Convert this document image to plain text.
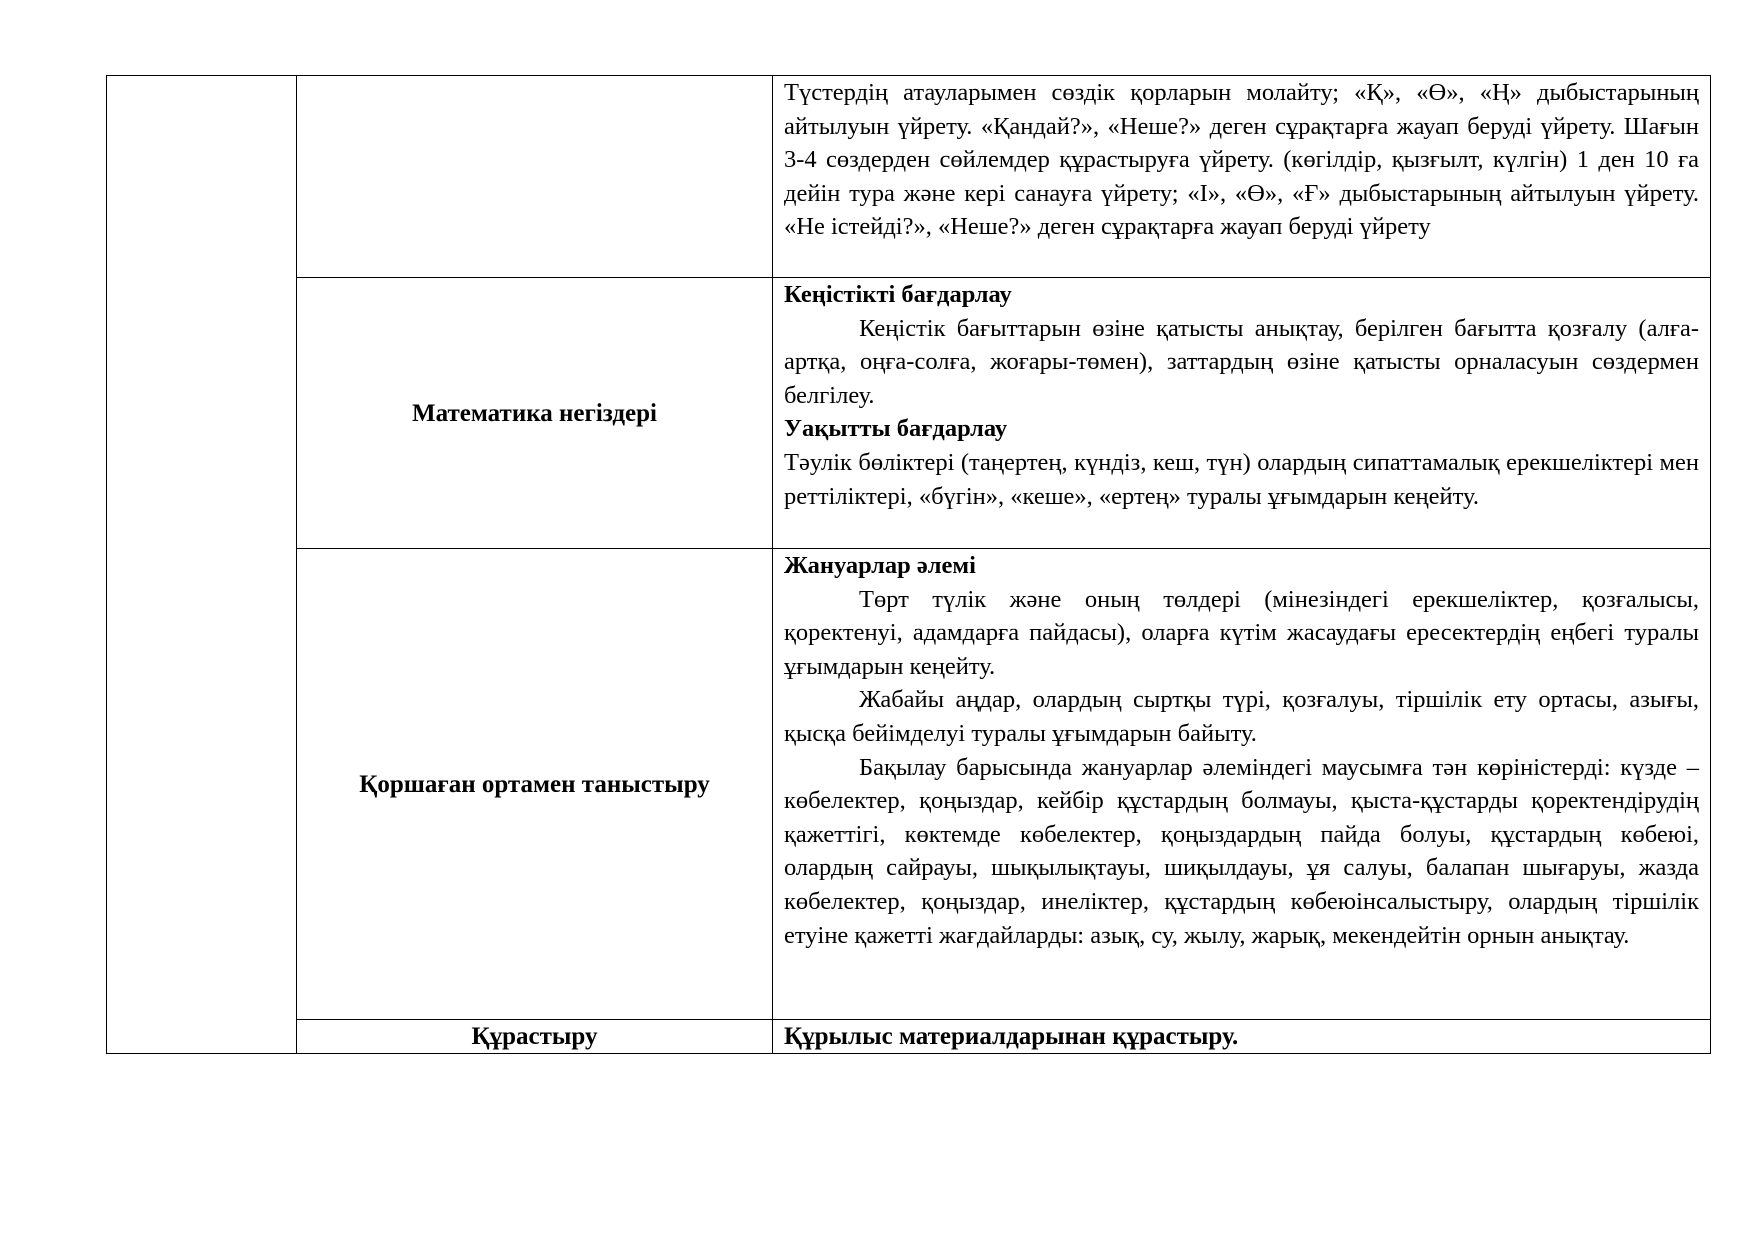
		Түстердің атауларымен сөздік қорларын молайту; «Қ», «Ө», «Ң» дыбыстарының айтылуын үйрету. «Қандай?», «Неше?» деген сұрақтарға жауап беруді үйрету. Шағын 3-4 сөздерден сөйлемдер құрастыруға үйрету. (көгілдір, қызғылт, күлгін) 1 ден 10 ға дейін тура және кері санауға үйрету; «І», «Ө», «Ғ» дыбыстарының айтылуын үйрету. «Не істейді?», «Неше?» деген сұрақтарға жауап беруді үйрету

	Математика негіздері	Кеңістікті бағдарлау

Кеңістік бағыттарын өзіне қатысты анықтау, берілген бағытта қозғалу (алға-артқа, оңға-солға, жоғары-төмен), заттардың өзіне қатысты орналасуын сөздермен белгілеу.

Уақытты бағдарлау

Тәулік бөліктері (таңертең, күндіз, кеш, түн) олардың сипаттамалық ерекшеліктері мен реттіліктері, «бүгін», «кеше», «ертең» туралы ұғымдарын кеңейту.

	Қоршаған ортамен таныстыру	Жануарлар әлемі

Төрт түлік және оның төлдері (мінезіндегі ерекшеліктер, қозғалысы, қоректенуі, адамдарға пайдасы), оларға күтім жасаудағы ересектердің еңбегі туралы ұғымдарын кеңейту.

Жабайы аңдар, олардың сыртқы түрі, қозғалуы, тіршілік ету ортасы, азығы, қысқа бейімделуі туралы ұғымдарын байыту.

Бақылау барысында жануарлар әлеміндегі маусымға тән көріністерді: күзде – көбелектер, қоңыздар, кейбір құстардың болмауы, қыста-құстарды қоректендірудің қажеттігі, көктемде көбелектер, қоңыздардың пайда болуы, құстардың көбеюі, олардың сайрауы, шықылықтауы, шиқылдауы, ұя салуы, балапан шығаруы, жазда көбелектер, қоңыздар, инеліктер, құстардың көбеюінсалыстыру, олардың тіршілік етуіне қажетті жағдайларды: азық, су, жылу, жарық, мекендейтін орнын анықтау.

	Құрастыру	Құрылыс материалдарынан құрастыру.
